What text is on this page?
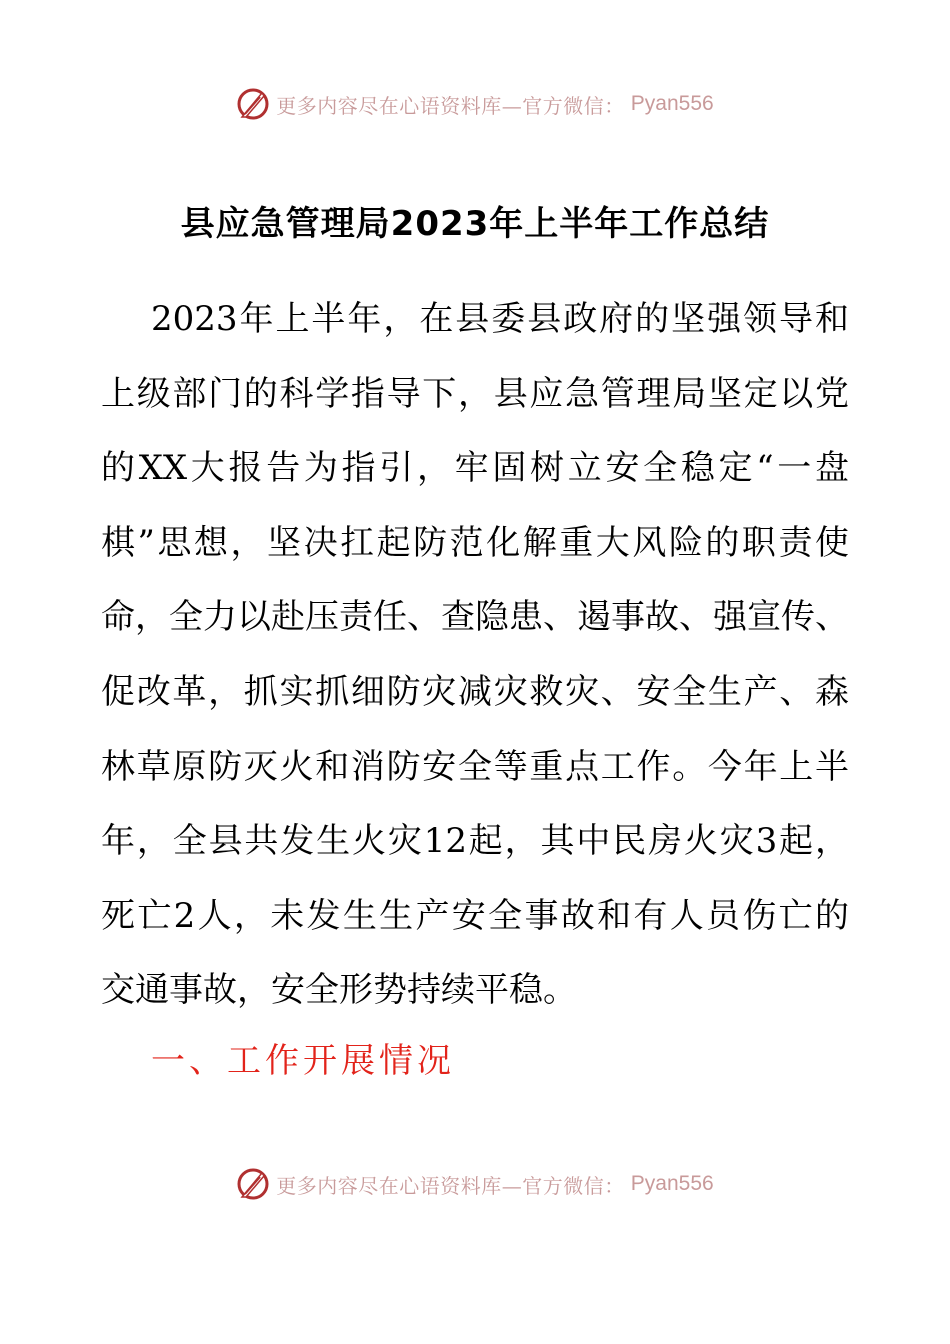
更多内容尽在心语资料库—官方微信： Pyan556
县应急管理局2023年上半年工作总结
2023年上半年，在县委县政府的坚强领导和
上级部门的科学指导下，县应急管理局坚定以党
的XX大报告为指引，牢固树立安全稳定“一盘
棋”思想，坚决扛起防范化解重大风险的职责使
命，全力以赴压责任、查隐患、遏事故、强宣传、
促改革，抓实抓细防灾减灾救灾、安全生产、森
林草原防灭火和消防安全等重点工作。今年上半
年，全县共发生火灾12起，其中民房火灾3起，
死亡2人，未发生生产安全事故和有人员伤亡的
交通事故，安全形势持续平稳。
一、工作开展情况
更多内容尽在心语资料库—官方微信： Pyan556
